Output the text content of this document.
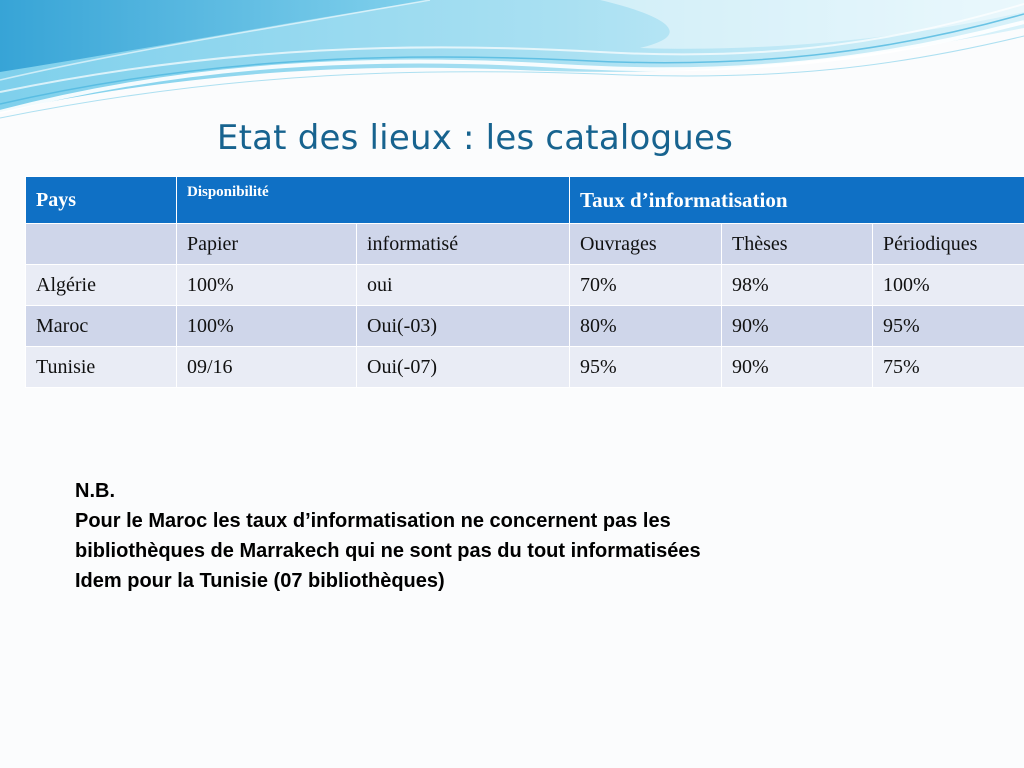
Etat des lieux : les catalogues
Pays	Disponibilité		Taux d’informatisation		
	Papier	informatisé	Ouvrages	Thèses	Périodiques
Algérie	100%	oui	70%	98%	100%
Maroc	100%	Oui(-03)	80%	90%	95%
Tunisie	09/16	Oui(-07)	95%	90%	75%
N.B.
Pour le Maroc les taux d’informatisation ne concernent pas les
bibliothèques de Marrakech qui ne sont pas du tout informatisées
Idem pour la Tunisie (07 bibliothèques)
